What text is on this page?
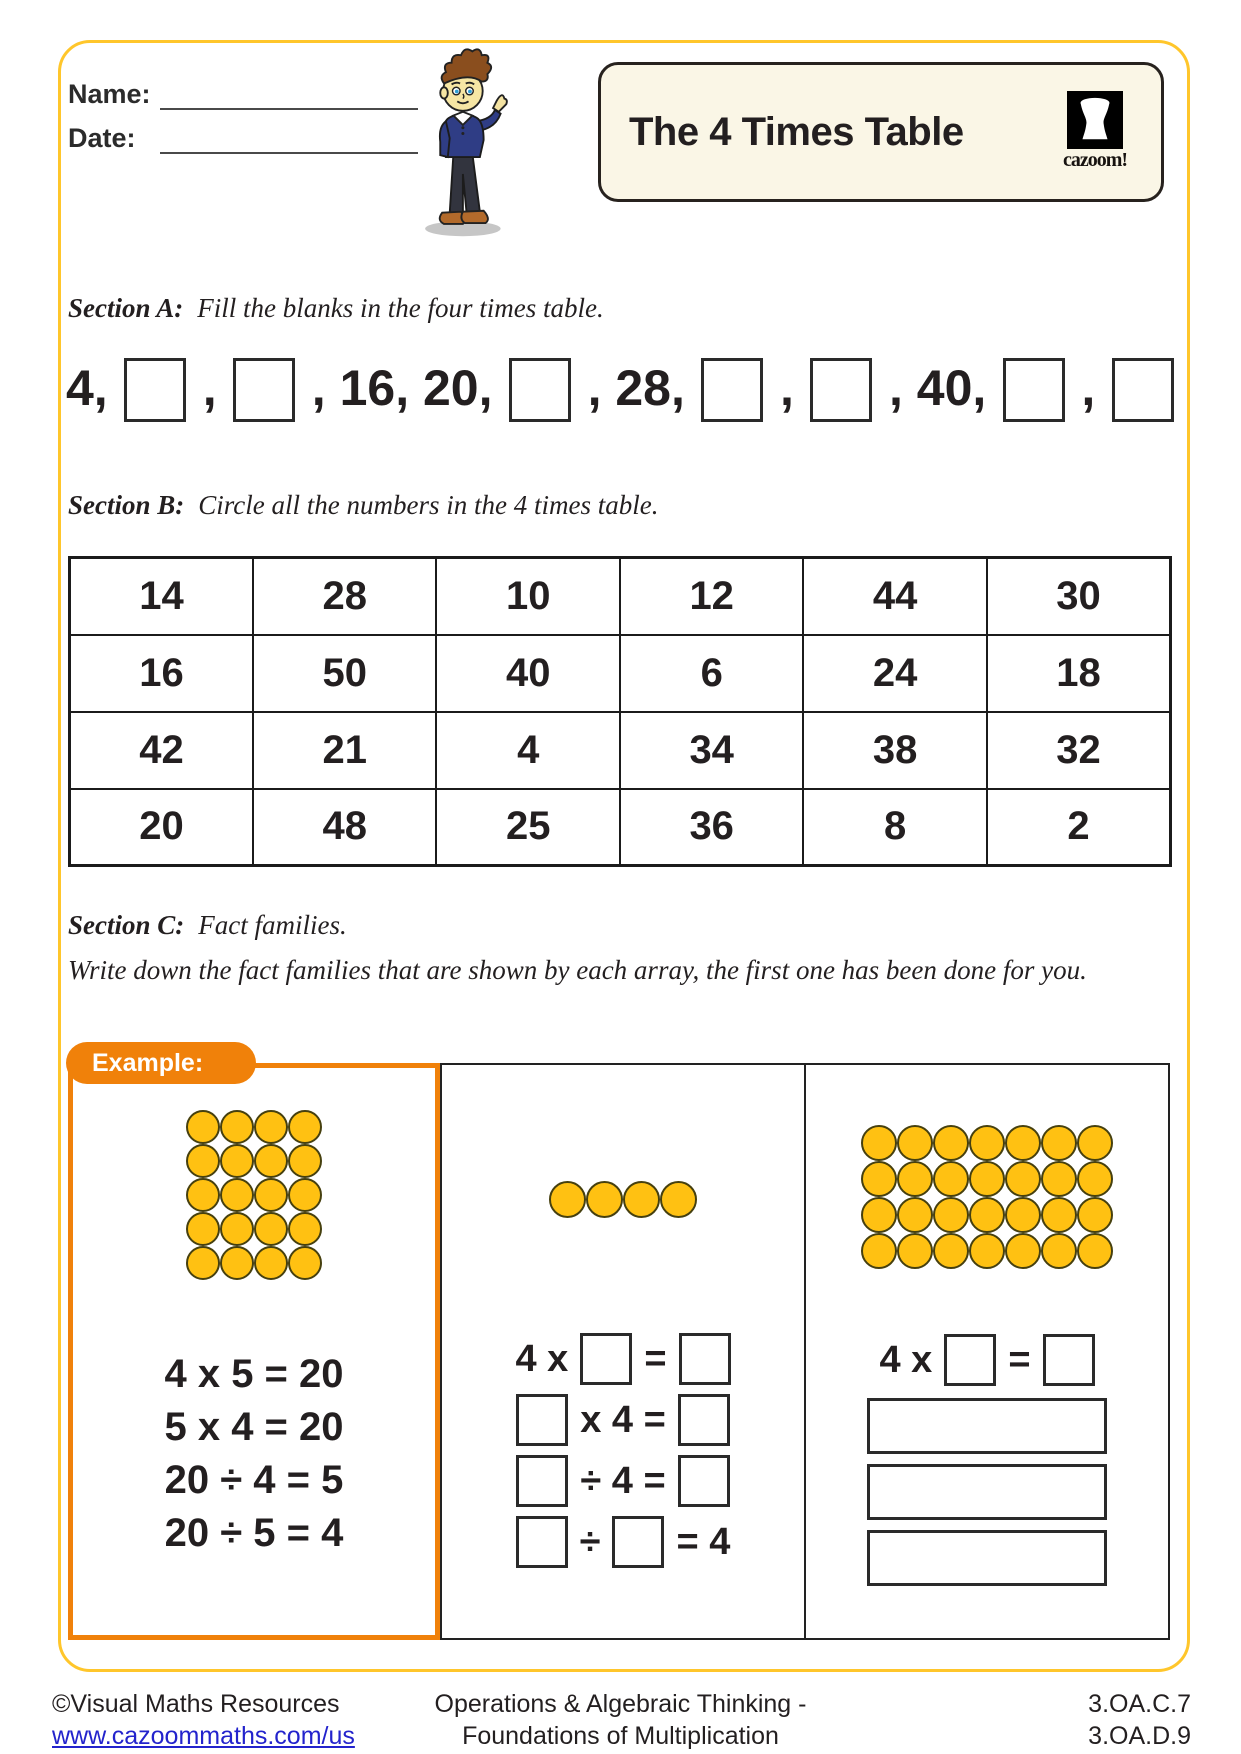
Name:
Date:	The 4 Times Table
cazoom!
Section A: Fill the blanks in the four times table.
4, , , 16, 20, , 28, , , 40, ,
Section B: Circle all the numbers in the 4 times table.
14	28	10	12	44	30
16	50	40	6	24	18
42	21	4	34	38	32
20	48	25	36	8	2
Section C: Fact families.
Write down the fact families that are shown by each array, the first one has been done for you.
Example:
4 x 5 = 20
5 x 4 = 20
20 ÷ 4 = 5
20 ÷ 5 = 4
4 x =
x 4 =
÷ 4 =
÷ = 4
4 x =
©Visual Maths Resources
www.cazoommaths.com/us
Operations & Algebraic Thinking -
Foundations of Multiplication
3.OA.C.7
3.OA.D.9
